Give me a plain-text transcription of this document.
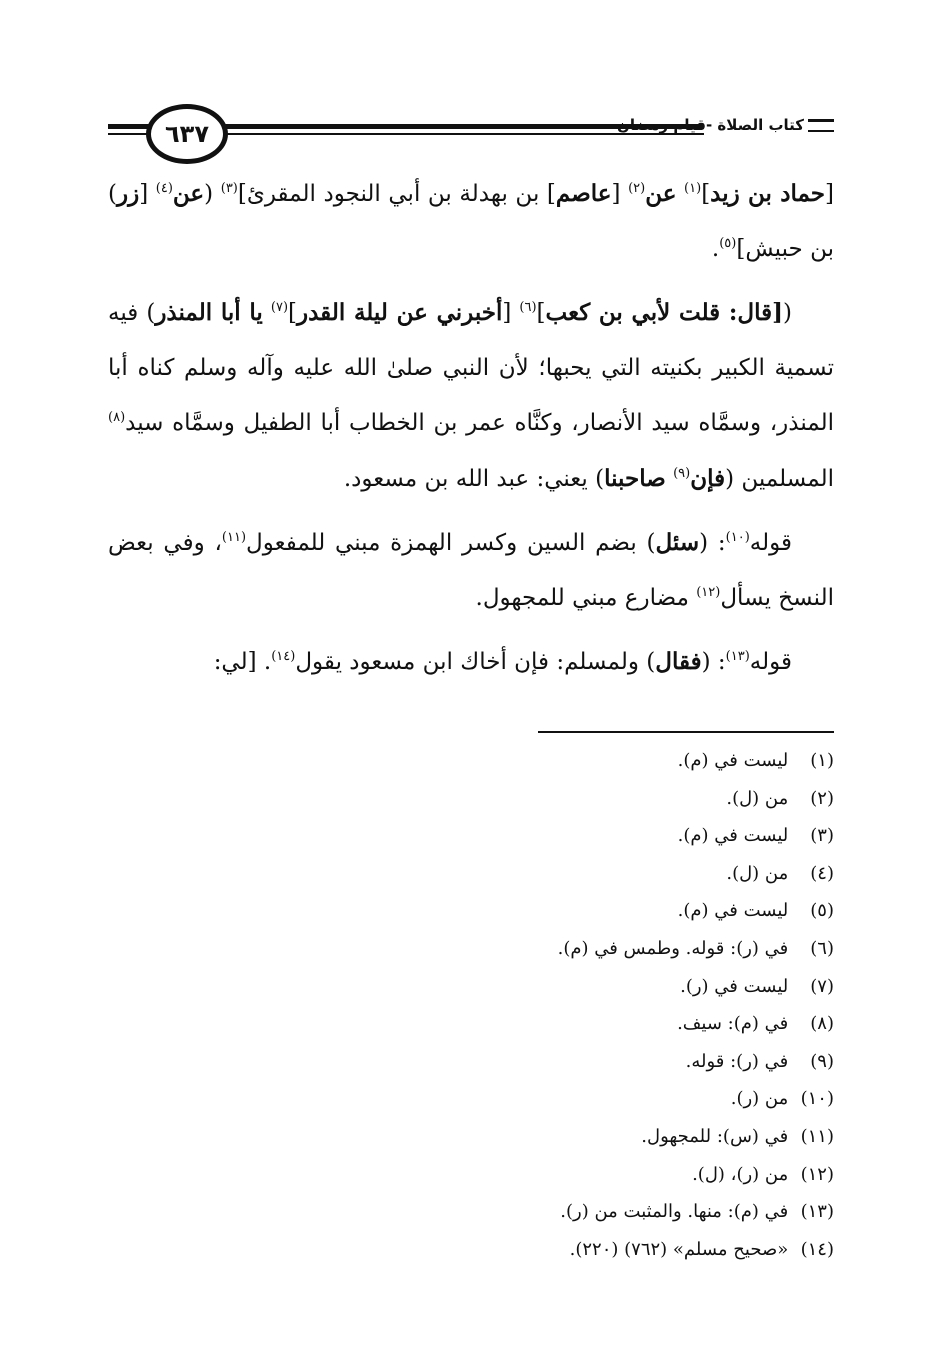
٦٣٧	كتاب الصلاة -قيام رمضان

[حماد بن زيد]$^{(١)}$ عن$^{(٢)}$ [عاصم] بن بهدلة بن أبي النجود المقرئ]$^{(٣)}$ (عن$^{(٤)}$ [زر) بن حبيش]$^{(٥)}$.

([قال: قلت لأبي بن كعب]$^{(٦)}$ [أخبرني عن ليلة القدر]$^{(٧)}$ يا أبا المنذر) فيه تسمية الكبير بكنيته التي يحبها؛ لأن النبي صلىٰ الله عليه وآله وسلم كناه أبا المنذر، وسمَّاه سيد الأنصار، وكنَّاه عمر بن الخطاب أبا الطفيل وسمَّاه سيد$^{(٨)}$ المسلمين (فإن$^{(٩)}$ صاحبنا) يعني: عبد الله بن مسعود.

قوله$^{(١٠)}$: (سئل) بضم السين وكسر الهمزة مبني للمفعول$^{(١١)}$، وفي بعض النسخ يسأل$^{(١٢)}$ مضارع مبني للمجهول.

قوله$^{(١٣)}$: (فقال) ولمسلم: فإن أخاك ابن مسعود يقول$^{(١٤)}$. [لي:

(١) ليست في (م).
(٢) من (ل).
(٣) ليست في (م).
(٤) من (ل).
(٥) ليست في (م).
(٦) في (ر): قوله. وطمس في (م).
(٧) ليست في (ر).
(٨) في (م): سيف.
(٩) في (ر): قوله.
(١٠) من (ر).
(١١) في (س): للمجهول.
(١٢) من (ر)، (ل).
(١٣) في (م): منها. والمثبت من (ر).
(١٤) «صحيح مسلم» (٧٦٢) (٢٢٠).
